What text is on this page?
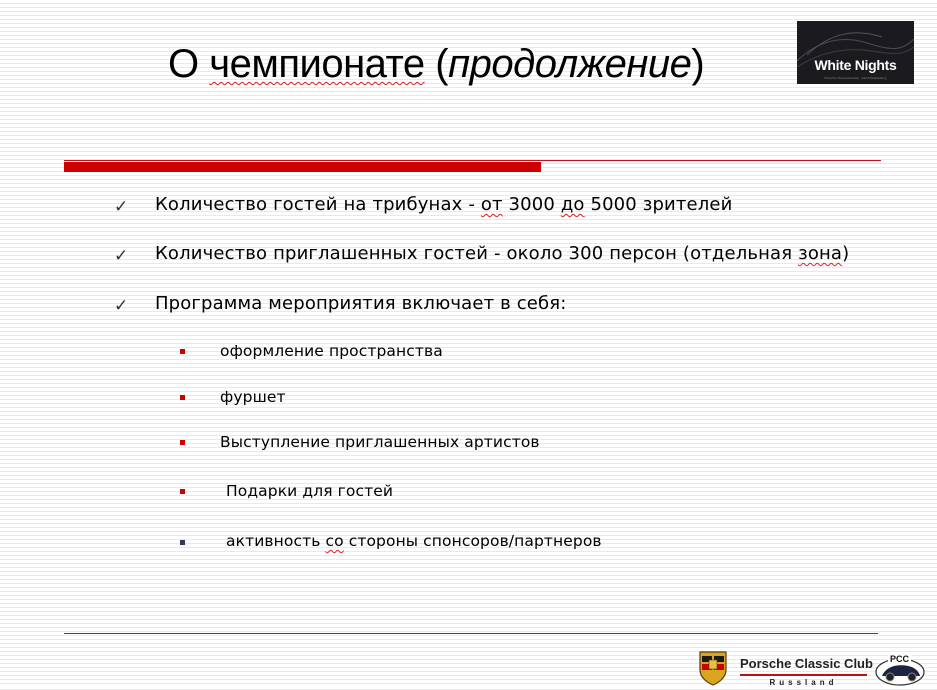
О чемпионате (продолжение)	White Nights
Porsche Championship · Saint-Petersburg
✓ Количество гостей на трибунах - от 3000 до 5000 зрителей
✓ Количество приглашенных гостей - около 300 персон (отдельная зона)
✓ Программа мероприятия включает в себя:
оформление пространства
фуршет
Выступление приглашенных артистов
Подарки для гостей
активность со стороны спонсоров/партнеров
Porsche Classic Club
Russland
PCC
